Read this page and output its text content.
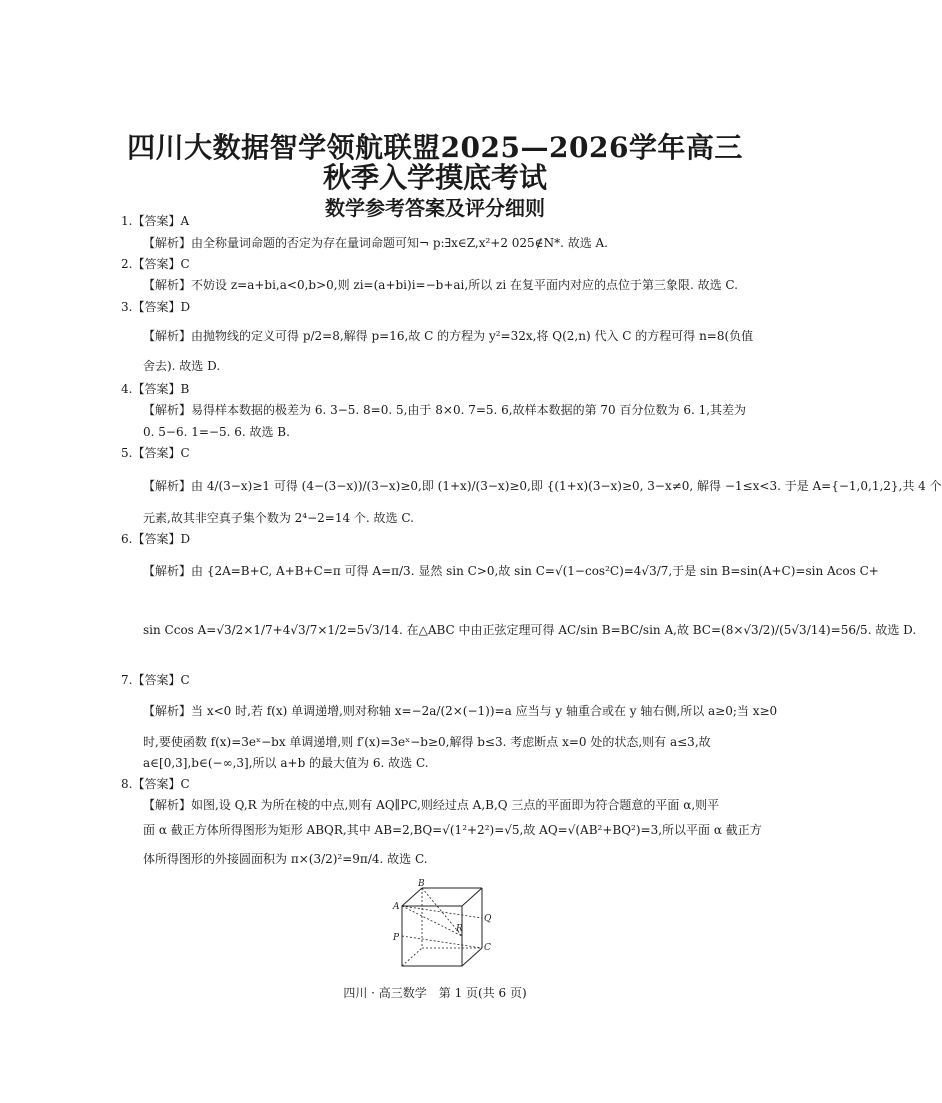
四川大数据智学领航联盟2025—2026学年高三
秋季入学摸底考试
数学参考答案及评分细则
1.【答案】A
【解析】由全称量词命题的否定为存在量词命题可知¬ p:∃x∈Z,x²+2 025∉N*. 故选 A.
2.【答案】C
【解析】不妨设 z=a+bi,a<0,b>0,则 zi=(a+bi)i=−b+ai,所以 zi 在复平面内对应的点位于第三象限. 故选 C.
3.【答案】D
【解析】由抛物线的定义可得 p/2=8,解得 p=16,故 C 的方程为 y²=32x,将 Q(2,n) 代入 C 的方程可得 n=8(负值
舍去). 故选 D.
4.【答案】B
【解析】易得样本数据的极差为 6. 3−5. 8=0. 5,由于 8×0. 7=5. 6,故样本数据的第 70 百分位数为 6. 1,其差为
0. 5−6. 1=−5. 6. 故选 B.
5.【答案】C
【解析】由 4/(3−x)≥1 可得 (4−(3−x))/(3−x)≥0,即 (1+x)/(3−x)≥0,即 {(1+x)(3−x)≥0, 3−x≠0, 解得 −1≤x<3. 于是 A={−1,0,1,2},共 4 个
元素,故其非空真子集个数为 2⁴−2=14 个. 故选 C.
6.【答案】D
【解析】由 {2A=B+C, A+B+C=π 可得 A=π/3. 显然 sin C>0,故 sin C=√(1−cos²C)=4√3/7,于是 sin B=sin(A+C)=sin Acos C+
sin Ccos A=√3/2×1/7+4√3/7×1/2=5√3/14. 在△ABC 中由正弦定理可得 AC/sin B=BC/sin A,故 BC=(8×√3/2)/(5√3/14)=56/5. 故选 D.
7.【答案】C
【解析】当 x<0 时,若 f(x) 单调递增,则对称轴 x=−2a/(2×(−1))=a 应当与 y 轴重合或在 y 轴右侧,所以 a≥0;当 x≥0
时,要使函数 f(x)=3eˣ−bx 单调递增,则 f′(x)=3eˣ−b≥0,解得 b≤3. 考虑断点 x=0 处的状态,则有 a≤3,故
a∈[0,3],b∈(−∞,3],所以 a+b 的最大值为 6. 故选 C.
8.【答案】C
【解析】如图,设 Q,R 为所在棱的中点,则有 AQ∥PC,则经过点 A,B,Q 三点的平面即为符合题意的平面 α,则平
面 α 截正方体所得图形为矩形 ABQR,其中 AB=2,BQ=√(1²+2²)=√5,故 AQ=√(AB²+BQ²)=3,所以平面 α 截正方
体所得图形的外接圆面积为 π×(3/2)²=9π/4. 故选 C.
B
A
Q
R
P
C
四川 · 高三数学　第 1 页(共 6 页)
